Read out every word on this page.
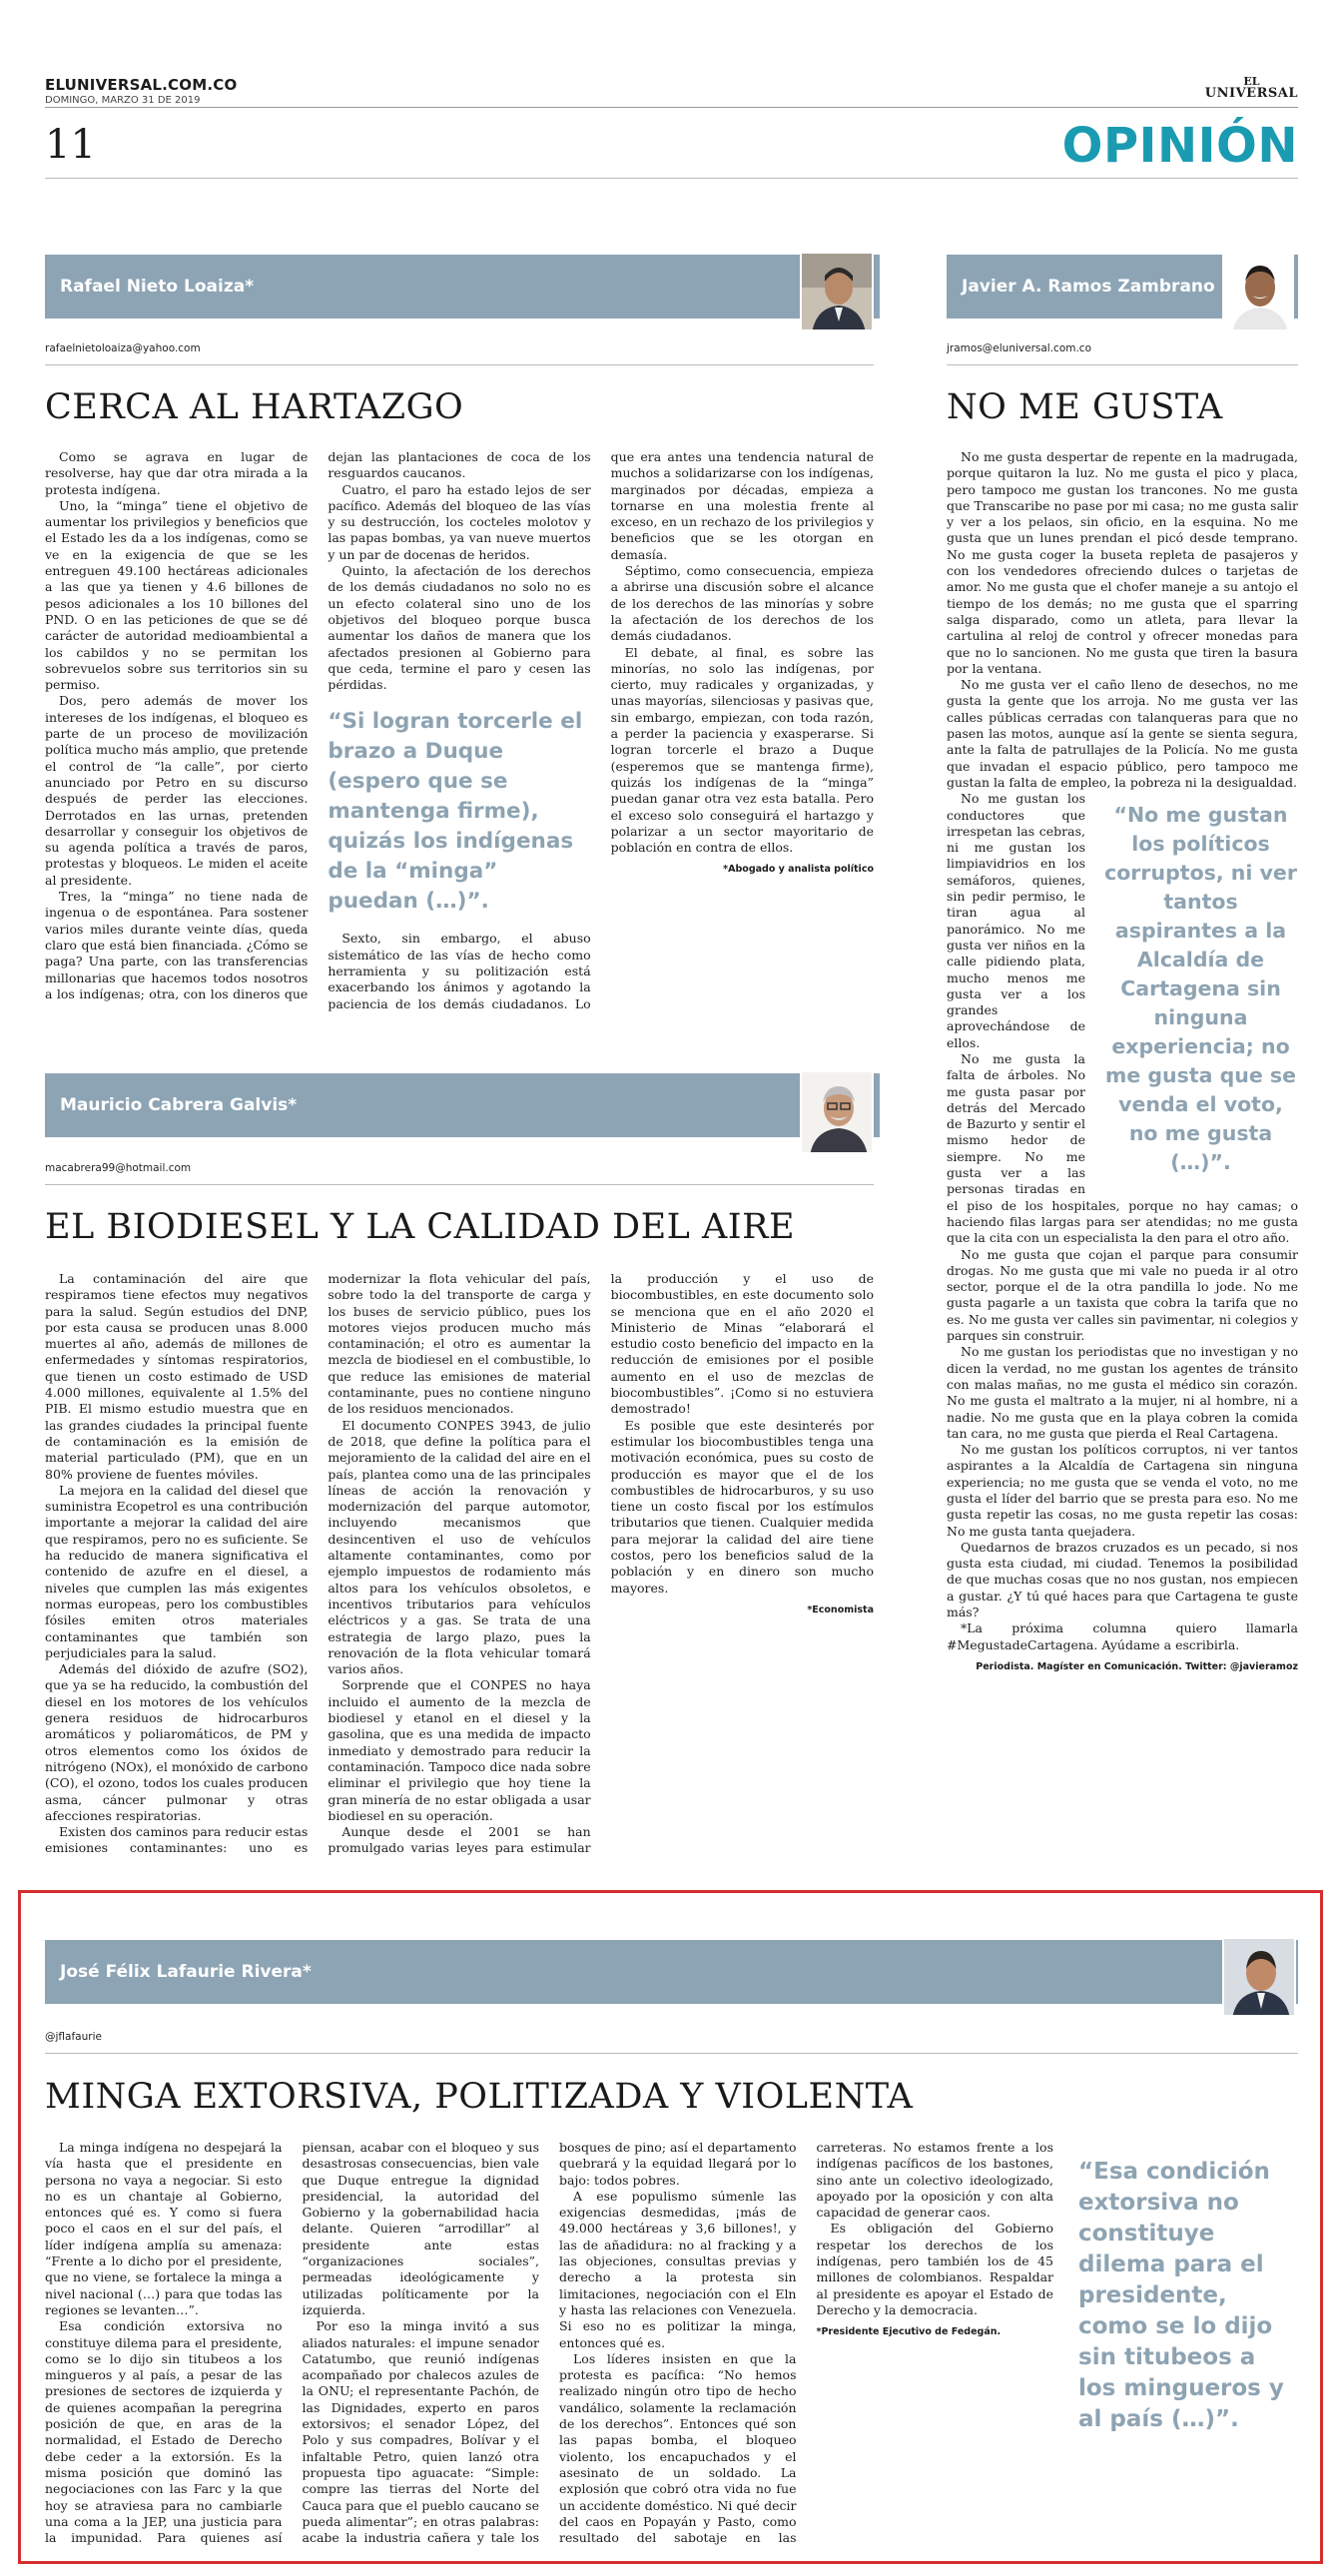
ELUNIVERSAL.COM.CO
DOMINGO, MARZO 31 DE 2019
EL
UNIVERSAL
11	OPINIÓN
Rafael Nieto Loaiza*
rafaelnietoloaiza@yahoo.com
CERCA AL HARTAZGO

Como se agrava en lugar de resolverse, hay que dar otra mirada a la protesta indígena.

Uno, la “minga” tiene el objetivo de aumentar los privilegios y beneficios que el Estado les da a los indígenas, como se ve en la exigencia de que se les entreguen 49.100 hectáreas adicionales a las que ya tienen y 4.6 billones de pesos adicionales a los 10 billones del PND. O en las peticiones de que se dé carácter de autoridad medioambiental a los cabildos y no se permitan los sobrevuelos sobre sus territorios sin su permiso.

Dos, pero además de mover los intereses de los indígenas, el bloqueo es parte de un proceso de movilización política mucho más amplio, que pretende el control de “la calle”, por cierto anunciado por Petro en su discurso después de perder las elecciones. Derrotados en las urnas, pretenden desarrollar y conseguir los objetivos de su agenda política a través de paros, protestas y bloqueos. Le miden el aceite al presidente.

Tres, la “minga” no tiene nada de ingenua o de espontánea. Para sostener varios miles durante veinte días, queda claro que está bien financiada. ¿Cómo se paga? Una parte, con las transferencias millonarias que hacemos todos nosotros a los indígenas; otra, con los dineros que dejan las plantaciones de coca de los resguardos caucanos.

Cuatro, el paro ha estado lejos de ser pacífico. Además del bloqueo de las vías y su destrucción, los cocteles molotov y las papas bombas, ya van nueve muertos y un par de docenas de heridos.

Quinto, la afectación de los derechos de los demás ciudadanos no solo no es un efecto colateral sino uno de los objetivos del bloqueo porque busca aumentar los daños de manera que los afectados presionen al Gobierno para que ceda, termine el paro y cesen las pérdidas.

“Si logran torcerle el brazo a Duque (espero que se mantenga firme), quizás los indígenas de la “minga” puedan (…)”.

Sexto, sin embargo, el abuso sistemático de las vías de hecho como herramienta y su politización está exacerbando los ánimos y agotando la paciencia de los demás ciudadanos. Lo que era antes una tendencia natural de muchos a solidarizarse con los indígenas, marginados por décadas, empieza a tornarse en una molestia frente al exceso, en un rechazo de los privilegios y beneficios que se les otorgan en demasía.

Séptimo, como consecuencia, empieza a abrirse una discusión sobre el alcance de los derechos de las minorías y sobre la afectación de los derechos de los demás ciudadanos.

El debate, al final, es sobre las minorías, no solo las indígenas, por cierto, muy radicales y organizadas, y unas mayorías, silenciosas y pasivas que, sin embargo, empiezan, con toda razón, a perder la paciencia y exasperarse. Si logran torcerle el brazo a Duque (esperemos que se mantenga firme), quizás los indígenas de la “minga” puedan ganar otra vez esta batalla. Pero el exceso solo conseguirá el hartazgo y polarizar a un sector mayoritario de población en contra de ellos.

*Abogado y analista político
Mauricio Cabrera Galvis*
macabrera99@hotmail.com
EL BIODIESEL Y LA CALIDAD DEL AIRE

La contaminación del aire que respiramos tiene efectos muy negativos para la salud. Según estudios del DNP, por esta causa se producen unas 8.000 muertes al año, además de millones de enfermedades y síntomas respiratorios, que tienen un costo estimado de USD 4.000 millones, equivalente al 1.5% del PIB. El mismo estudio muestra que en las grandes ciudades la principal fuente de contaminación es la emisión de material particulado (PM), que en un 80% proviene de fuentes móviles.

La mejora en la calidad del diesel que suministra Ecopetrol es una contribución importante a mejorar la calidad del aire que respiramos, pero no es suficiente. Se ha reducido de manera significativa el contenido de azufre en el diesel, a niveles que cumplen las más exigentes normas europeas, pero los combustibles fósiles emiten otros materiales contaminantes que también son perjudiciales para la salud.

Además del dióxido de azufre (SO2), que ya se ha reducido, la combustión del diesel en los motores de los vehículos genera residuos de hidrocarburos aromáticos y poliaromáticos, de PM y otros elementos como los óxidos de nitrógeno (NOx), el monóxido de carbono (CO), el ozono, todos los cuales producen asma, cáncer pulmonar y otras afecciones respiratorias.

Existen dos caminos para reducir estas emisiones contaminantes: uno es modernizar la flota vehicular del país, sobre todo la del transporte de carga y los buses de servicio público, pues los motores viejos producen mucho más contaminación; el otro es aumentar la mezcla de biodiesel en el combustible, lo que reduce las emisiones de material contaminante, pues no contiene ninguno de los residuos mencionados.

El documento CONPES 3943, de julio de 2018, que define la política para el mejoramiento de la calidad del aire en el país, plantea como una de las principales líneas de acción la renovación y modernización del parque automotor, incluyendo mecanismos que desincentiven el uso de vehículos altamente contaminantes, como por ejemplo impuestos de rodamiento más altos para los vehículos obsoletos, e incentivos tributarios para vehículos eléctricos y a gas. Se trata de una estrategia de largo plazo, pues la renovación de la flota vehicular tomará varios años.

Sorprende que el CONPES no haya incluido el aumento de la mezcla de biodiesel y etanol en el diesel y la gasolina, que es una medida de impacto inmediato y demostrado para reducir la contaminación. Tampoco dice nada sobre eliminar el privilegio que hoy tiene la gran minería de no estar obligada a usar biodiesel en su operación.

Aunque desde el 2001 se han promulgado varias leyes para estimular la producción y el uso de biocombustibles, en este documento solo se menciona que en el año 2020 el Ministerio de Minas “elaborará el estudio costo beneficio del impacto en la reducción de emisiones por el posible aumento en el uso de mezclas de biocombustibles”. ¡Como si no estuviera demostrado!

Es posible que este desinterés por estimular los biocombustibles tenga una motivación económica, pues su costo de producción es mayor que el de los combustibles de hidrocarburos, y su uso tiene un costo fiscal por los estímulos tributarios que tienen. Cualquier medida para mejorar la calidad del aire tiene costos, pero los beneficios salud de la población y en dinero son mucho mayores.

*Economista
Javier A. Ramos Zambrano
jramos@eluniversal.com.co
NO ME GUSTA

No me gusta despertar de repente en la madrugada, porque quitaron la luz. No me gusta el pico y placa, pero tampoco me gustan los trancones. No me gusta que Transcaribe no pase por mi casa; no me gusta salir y ver a los pelaos, sin oficio, en la esquina. No me gusta que un lunes prendan el picó desde temprano. No me gusta coger la buseta repleta de pasajeros y con los vendedores ofreciendo dulces o tarjetas de amor. No me gusta que el chofer maneje a su antojo el tiempo de los demás; no me gusta que el sparring salga disparado, como un atleta, para llevar la cartulina al reloj de control y ofrecer monedas para que no lo sancionen. No me gusta que tiren la basura por la ventana.

No me gusta ver el caño lleno de desechos, no me gusta la gente que los arroja. No me gusta ver las calles públicas cerradas con talanqueras para que no pasen las motos, aunque así la gente se sienta segura, ante la falta de patrullajes de la Policía. No me gusta que invadan el espacio público, pero tampoco me gustan la falta de empleo, la pobreza ni la desigualdad.

“No me gustan los políticos corruptos, ni ver tantos aspirantes a la Alcaldía de Cartagena sin ninguna experiencia; no me gusta que se venda el voto, no me gusta (…)”.
No me gustan los conductores que irrespetan las cebras, ni me gustan los limpiavidrios en los semáforos, quienes, sin pedir permiso, le tiran agua al panorámico. No me gusta ver niños en la calle pidiendo plata, mucho menos me gusta ver a los grandes aprovechándose de ellos.

No me gusta la falta de árboles. No me gusta pasar por detrás del Mercado de Bazurto y sentir el mismo hedor de siempre. No me gusta ver a las personas tiradas en el piso de los hospitales, porque no hay camas; o haciendo filas largas para ser atendidas; no me gusta que la cita con un especialista la den para el otro año.

No me gusta que cojan el parque para consumir drogas. No me gusta que mi vale no pueda ir al otro sector, porque el de la otra pandilla lo jode. No me gusta pagarle a un taxista que cobra la tarifa que no es. No me gusta ver calles sin pavimentar, ni colegios y parques sin construir.

No me gustan los periodistas que no investigan y no dicen la verdad, no me gustan los agentes de tránsito con malas mañas, no me gusta el médico sin corazón. No me gusta el maltrato a la mujer, ni al hombre, ni a nadie. No me gusta que en la playa cobren la comida tan cara, no me gusta que pierda el Real Cartagena.

No me gustan los políticos corruptos, ni ver tantos aspirantes a la Alcaldía de Cartagena sin ninguna experiencia; no me gusta que se venda el voto, no me gusta el líder del barrio que se presta para eso. No me gusta repetir las cosas, no me gusta repetir las cosas: No me gusta tanta quejadera.

Quedarnos de brazos cruzados es un pecado, si nos gusta esta ciudad, mi ciudad. Tenemos la posibilidad de que muchas cosas que no nos gustan, nos empiecen a gustar. ¿Y tú qué haces para que Cartagena te guste más?

*La próxima columna quiero llamarla #MegustadeCartagena. Ayúdame a escribirla.

Periodista. Magíster en Comunicación. Twitter: @javieramoz
José Félix Lafaurie Rivera*
@jflafaurie
MINGA EXTORSIVA, POLITIZADA Y VIOLENTA

La minga indígena no despejará la vía hasta que el presidente en persona no vaya a negociar. Si esto no es un chantaje al Gobierno, entonces qué es. Y como si fuera poco el caos en el sur del país, el líder indígena amplía su amenaza: “Frente a lo dicho por el presidente, que no viene, se fortalece la minga a nivel nacional (…) para que todas las regiones se levanten…”.

Esa condición extorsiva no constituye dilema para el presidente, como se lo dijo sin titubeos a los mingueros y al país, a pesar de las presiones de sectores de izquierda y de quienes acompañan la peregrina posición de que, en aras de la normalidad, el Estado de Derecho debe ceder a la extorsión. Es la misma posición que dominó las negociaciones con las Farc y la que hoy se atraviesa para no cambiarle una coma a la JEP, una justicia para la impunidad. Para quienes así piensan, acabar con el bloqueo y sus desastrosas consecuencias, bien vale que Duque entregue la dignidad presidencial, la autoridad del Gobierno y la gobernabilidad hacia delante. Quieren “arrodillar” al presidente ante estas “organizaciones sociales”, permeadas ideológicamente y utilizadas políticamente por la izquierda.

Por eso la minga invitó a sus aliados naturales: el impune senador Catatumbo, que reunió indígenas acompañado por chalecos azules de la ONU; el representante Pachón, de las Dignidades, experto en paros extorsivos; el senador López, del Polo y sus compadres, Bolívar y el infaltable Petro, quien lanzó otra propuesta tipo aguacate: “Simple: compre las tierras del Norte del Cauca para que el pueblo caucano se pueda alimentar”; en otras palabras: acabe la industria cañera y tale los bosques de pino; así el departamento quebrará y la equidad llegará por lo bajo: todos pobres.

A ese populismo súmenle las exigencias desmedidas, ¡más de 49.000 hectáreas y 3,6 billones!, y las de añadidura: no al fracking y a las objeciones, consultas previas y derecho a la protesta sin limitaciones, negociación con el Eln y hasta las relaciones con Venezuela. Si eso no es politizar la minga, entonces qué es.

Los líderes insisten en que la protesta es pacífica: “No hemos realizado ningún otro tipo de hecho vandálico, solamente la reclamación de los derechos”. Entonces qué son las papas bomba, el bloqueo violento, los encapuchados y el asesinato de un soldado. La explosión que cobró otra vida no fue un accidente doméstico. Ni qué decir del caos en Popayán y Pasto, como resultado del sabotaje en las carreteras. No estamos frente a los indígenas pacíficos de los bastones, sino ante un colectivo ideologizado, apoyado por la oposición y con alta capacidad de generar caos.

Es obligación del Gobierno respetar los derechos de los indígenas, pero también los de 45 millones de colombianos. Respaldar al presidente es apoyar el Estado de Derecho y la democracia.

*Presidente Ejecutivo de Fedegán.
“Esa condición extorsiva no constituye dilema para el presidente, como se lo dijo sin titubeos a los mingueros y al país (…)”.
